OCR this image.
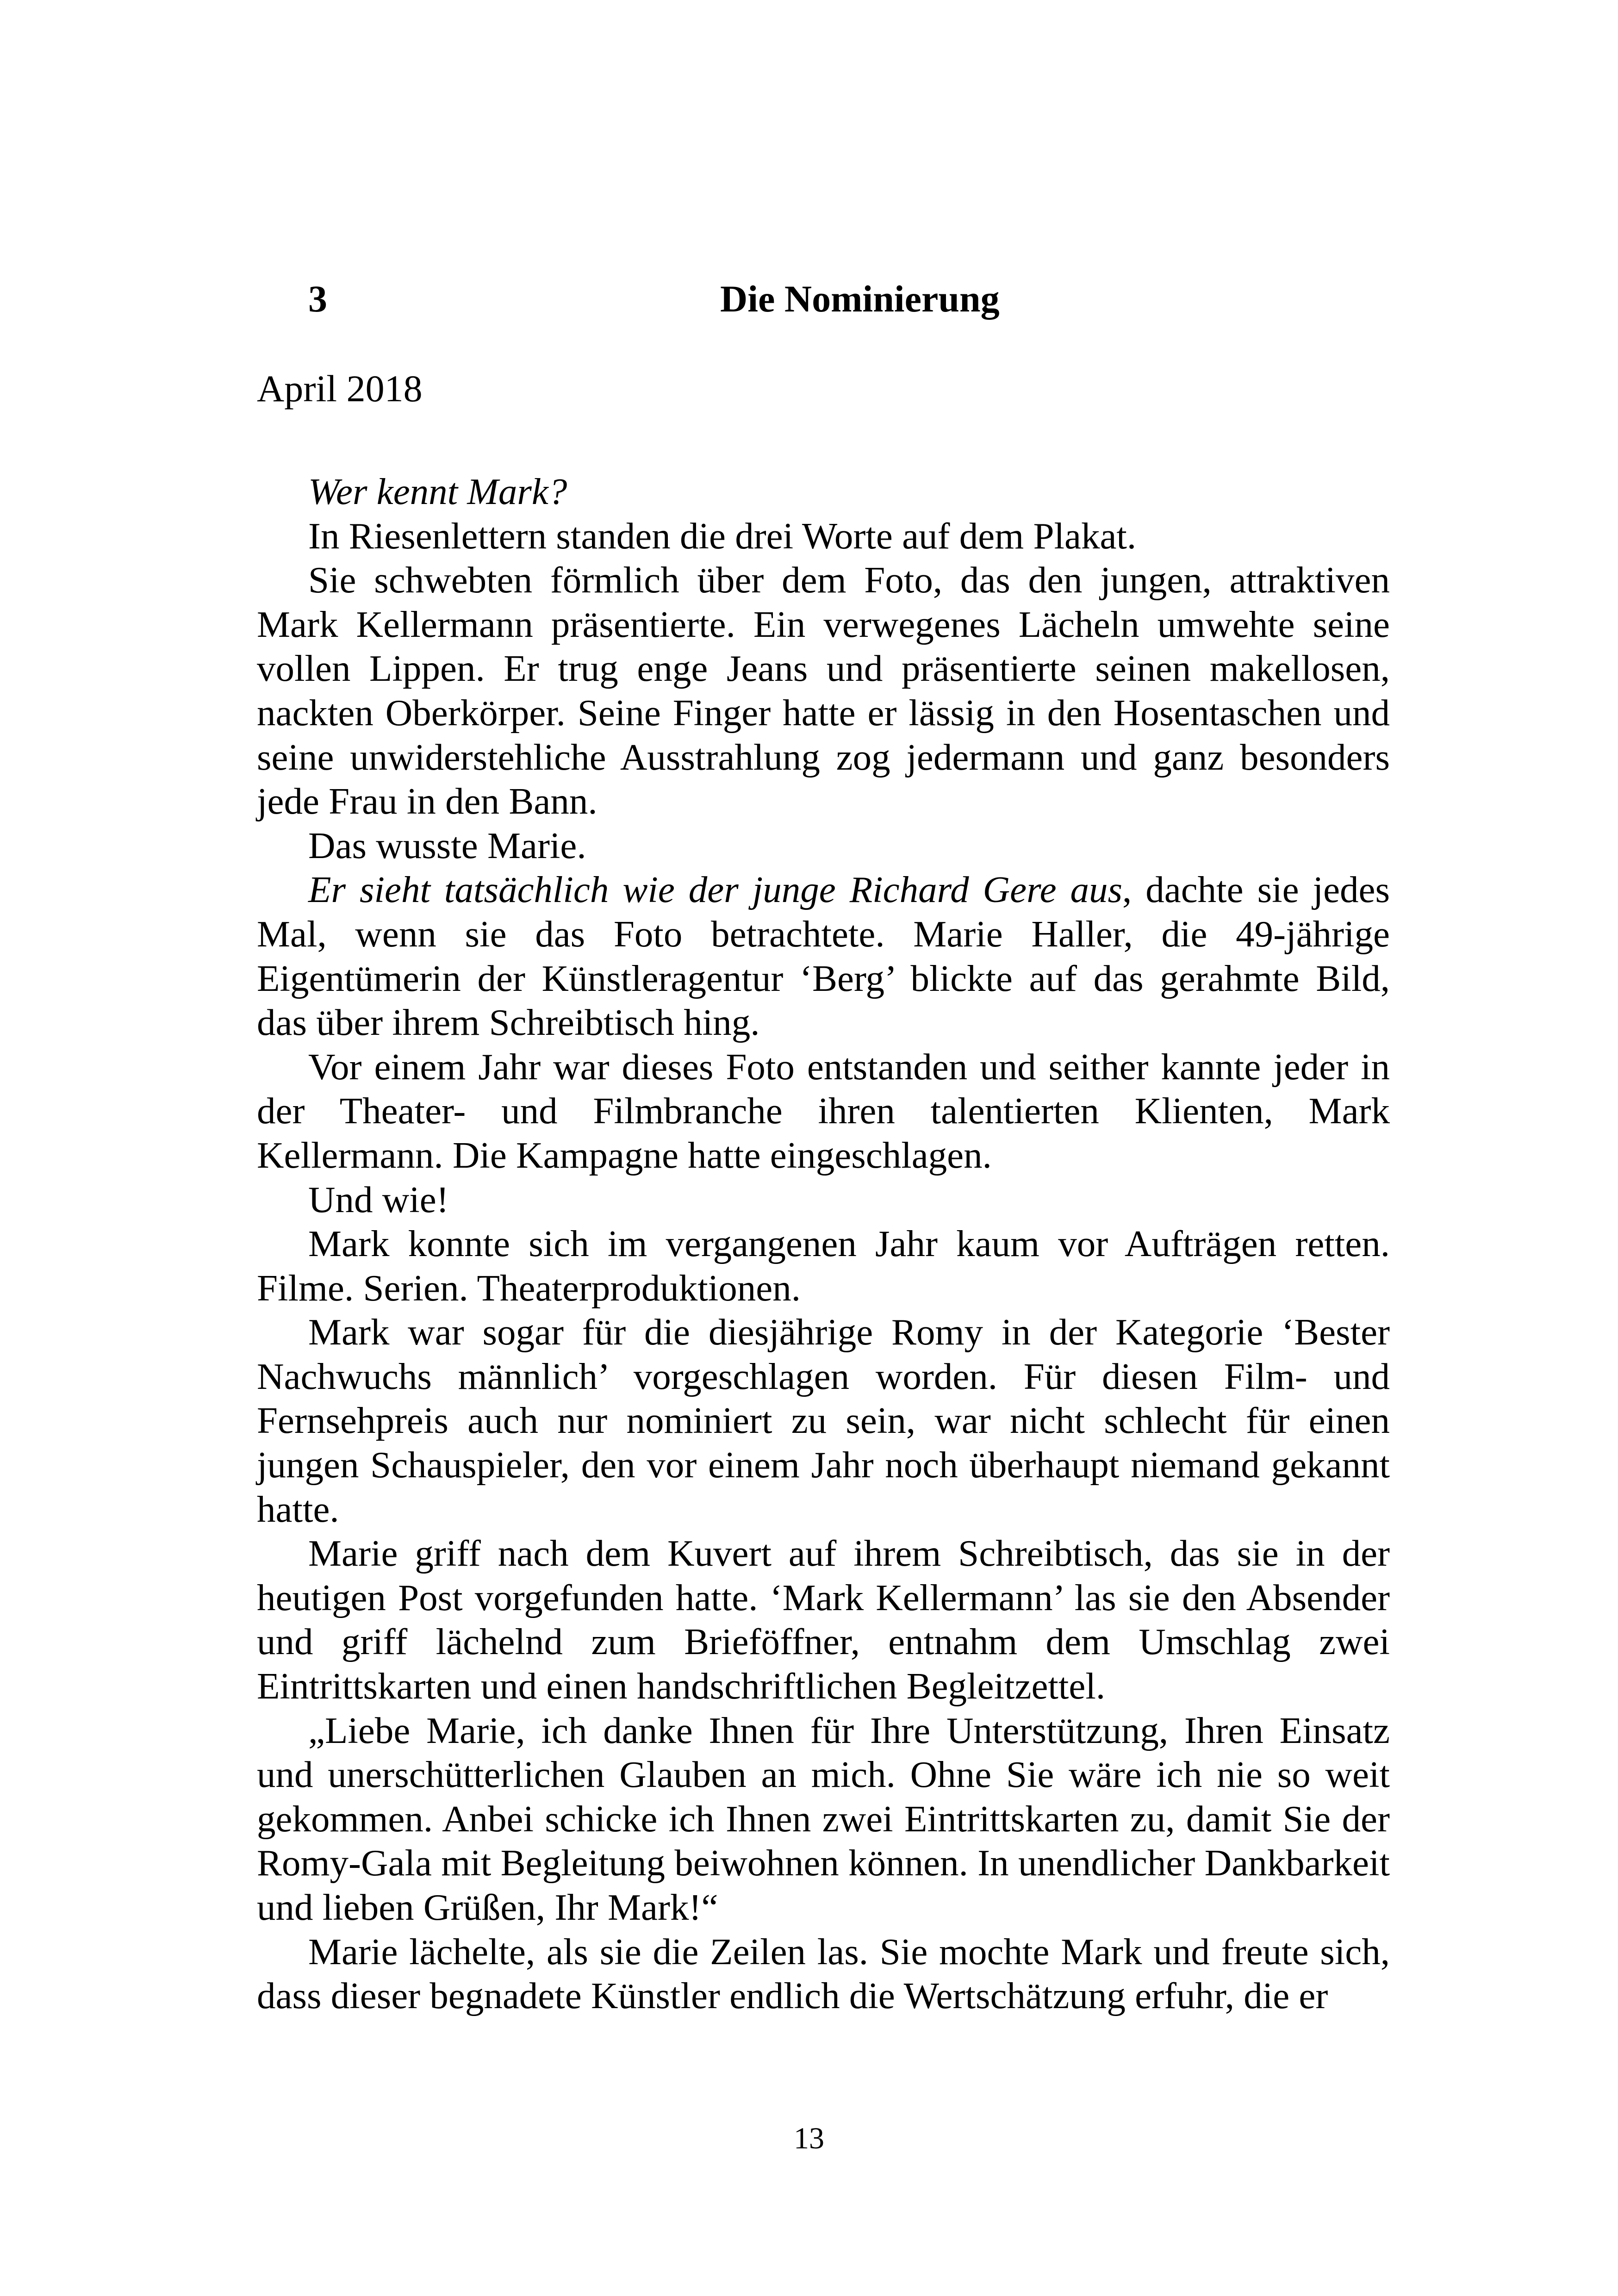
3	Die Nominierung
April 2018

Wer kennt Mark?

In Riesenlettern standen die drei Worte auf dem Plakat.

Sie schwebten förmlich über dem Foto, das den jungen, attraktiven Mark Kellermann präsentierte. Ein verwegenes Lächeln umwehte seine vollen Lippen. Er trug enge Jeans und präsentierte seinen makellosen, nackten Oberkörper. Seine Finger hatte er lässig in den Hosentaschen und seine unwiderstehliche Ausstrahlung zog jedermann und ganz besonders jede Frau in den Bann.

Das wusste Marie.

Er sieht tatsächlich wie der junge Richard Gere aus, dachte sie jedes Mal, wenn sie das Foto betrachtete. Marie Haller, die 49-jährige Eigentümerin der Künstleragentur ‘Berg’ blickte auf das gerahmte Bild, das über ihrem Schreibtisch hing.

Vor einem Jahr war dieses Foto entstanden und seither kannte jeder in der Theater- und Filmbranche ihren talentierten Klienten, Mark Kellermann. Die Kampagne hatte eingeschlagen.

Und wie!

Mark konnte sich im vergangenen Jahr kaum vor Aufträgen retten. Filme. Serien. Theaterproduktionen.

Mark war sogar für die diesjährige Romy in der Kategorie ‘Bester Nachwuchs männlich’ vorgeschlagen worden. Für diesen Film- und Fernsehpreis auch nur nominiert zu sein, war nicht schlecht für einen jungen Schauspieler, den vor einem Jahr noch überhaupt niemand gekannt hatte.

Marie griff nach dem Kuvert auf ihrem Schreibtisch, das sie in der heutigen Post vorgefunden hatte. ‘Mark Kellermann’ las sie den Absender und griff lächelnd zum Brieföffner, entnahm dem Umschlag zwei Eintrittskarten und einen handschriftlichen Begleitzettel.

„Liebe Marie, ich danke Ihnen für Ihre Unterstützung, Ihren Einsatz und unerschütterlichen Glauben an mich. Ohne Sie wäre ich nie so weit gekommen. Anbei schicke ich Ihnen zwei Eintrittskarten zu, damit Sie der Romy-Gala mit Begleitung beiwohnen können. In unendlicher Dankbarkeit und lieben Grüßen, Ihr Mark!“

Marie lächelte, als sie die Zeilen las. Sie mochte Mark und freute sich, dass dieser begnadete Künstler endlich die Wertschätzung erfuhr, die er

13
